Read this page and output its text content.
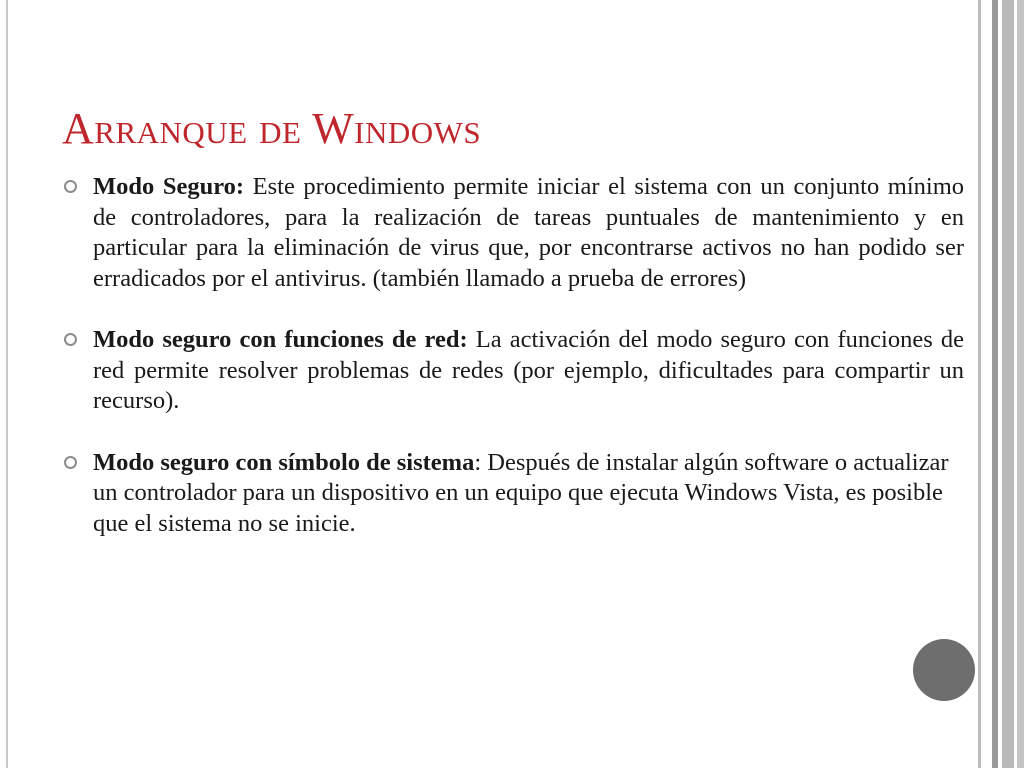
Arranque de Windows
Modo Seguro: Este procedimiento permite iniciar el sistema con un conjunto mínimo de controladores, para la realización de tareas puntuales de mantenimiento y en particular para la eliminación de virus que, por encontrarse activos no han podido ser erradicados por el antivirus. (también llamado a prueba de errores)
Modo seguro con funciones de red: La activación del modo seguro con funciones de red permite resolver problemas de redes (por ejemplo, dificultades para compartir un recurso).
Modo seguro con símbolo de sistema: Después de instalar algún software o actualizar un controlador para un dispositivo en un equipo que ejecuta Windows Vista, es posible que el sistema no se inicie.
